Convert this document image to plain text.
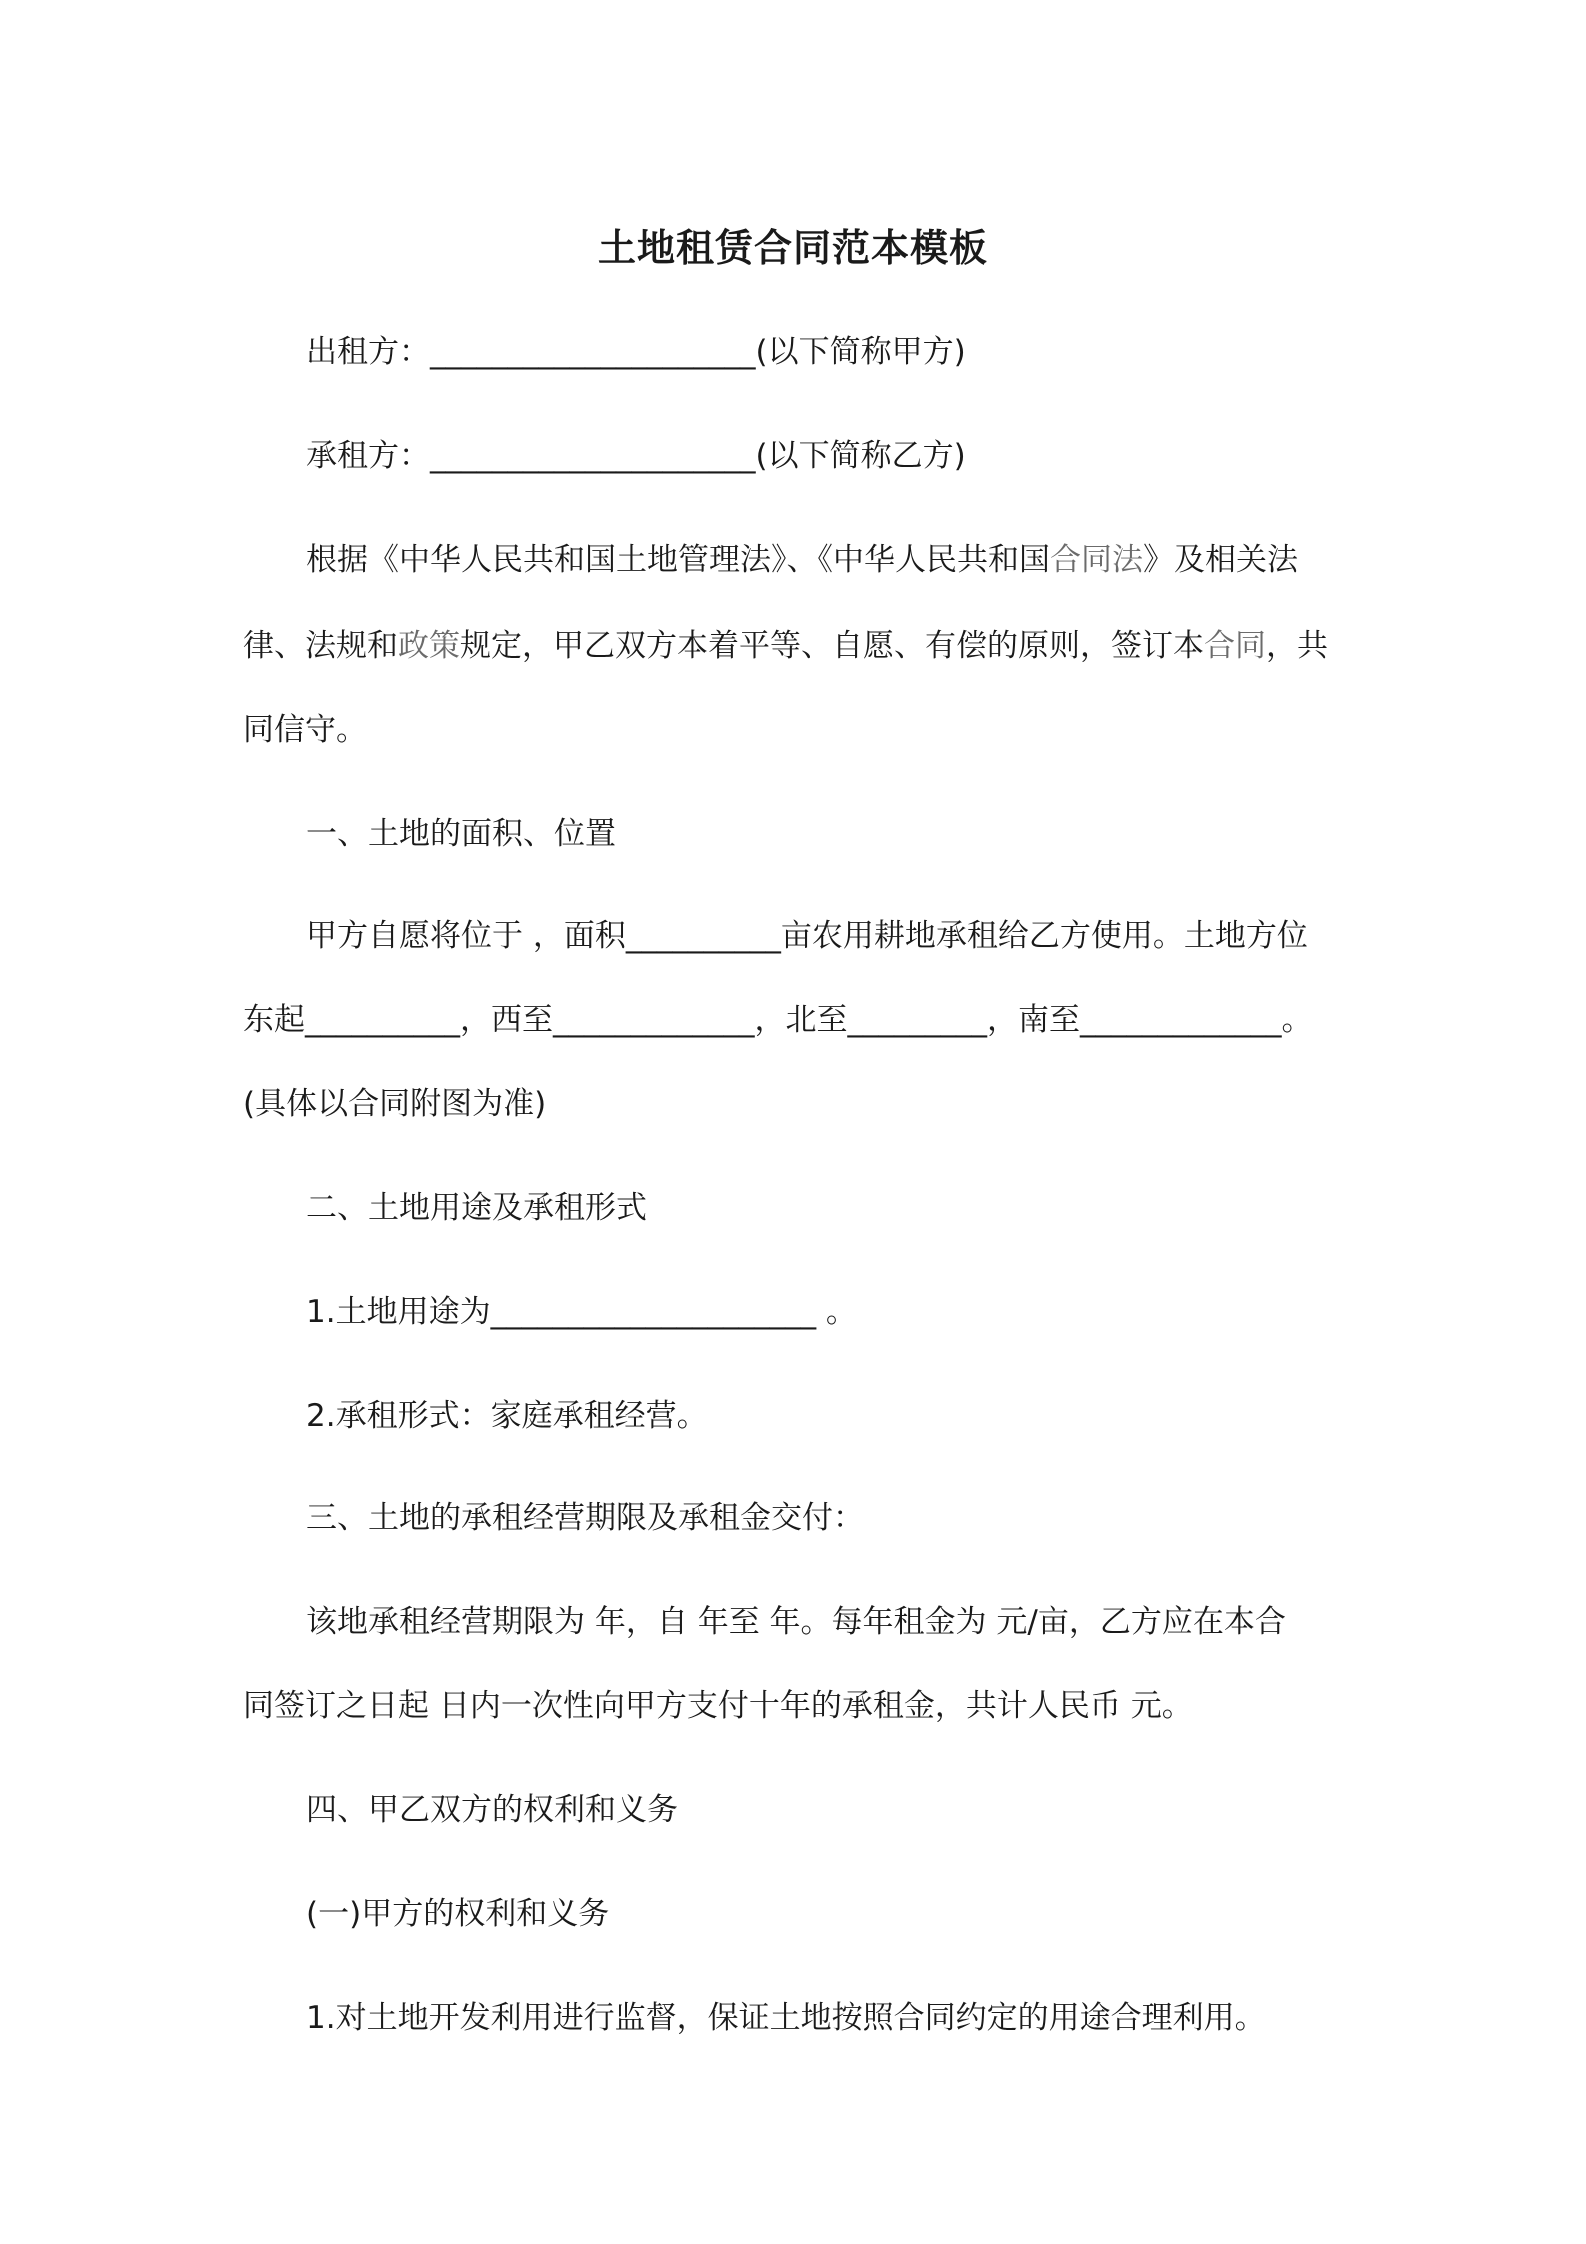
土地租赁合同范本模板
出租方：_____________________(以下简称甲方)
承租方：_____________________(以下简称乙方)
根据《中华人民共和国土地管理法》、《中华人民共和国合同法》及相关法
律、法规和政策规定，甲乙双方本着平等、自愿、有偿的原则，签订本合同，共
同信守。
一、土地的面积、位置
甲方自愿将位于 ，面积__________亩农用耕地承租给乙方使用。土地方位
东起__________，西至_____________，北至_________，南至_____________。
(具体以合同附图为准)
二、土地用途及承租形式
1.土地用途为_____________________ 。
2.承租形式：家庭承租经营。
三、土地的承租经营期限及承租金交付：
该地承租经营期限为 年，自 年至 年。每年租金为 元/亩，乙方应在本合
同签订之日起 日内一次性向甲方支付十年的承租金，共计人民币 元。
四、甲乙双方的权利和义务
(一)甲方的权利和义务
1.对土地开发利用进行监督，保证土地按照合同约定的用途合理利用。
